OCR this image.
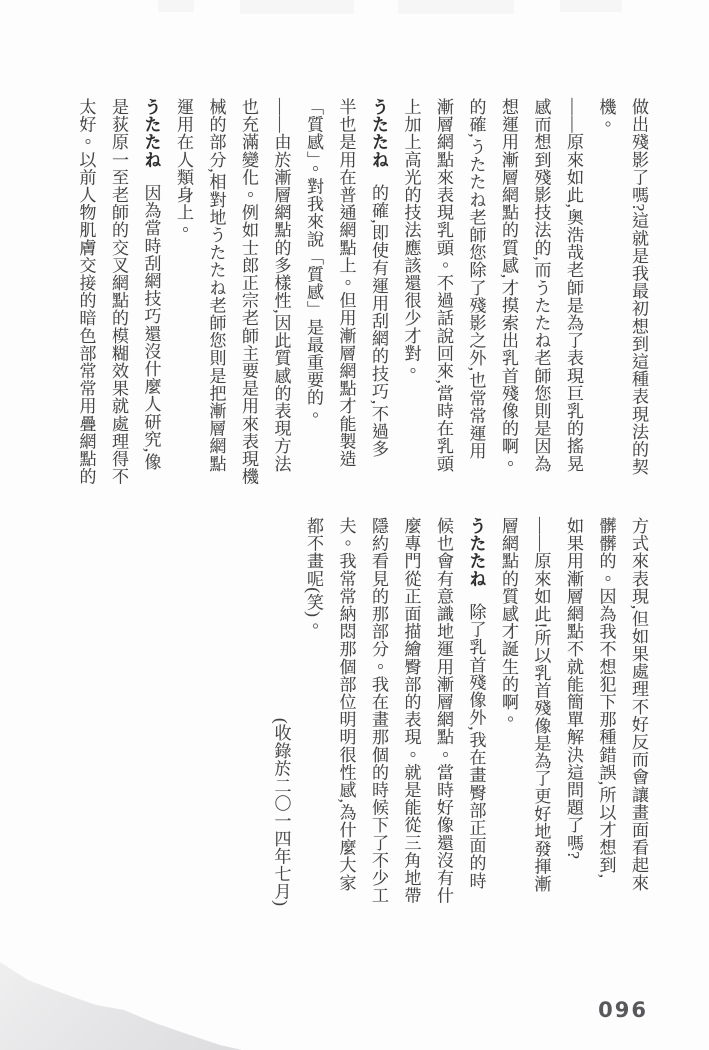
做出殘影了嗎?這就是我最初想到這種表現法的契

機。

——原來如此,奧浩哉老師是為了表現巨乳的搖晃

感而想到殘影技法的,而うたたね老師您則是因為

想運用漸層網點的質感,才摸索出乳首殘像的啊。

的確,うたたね老師您除了殘影之外,也常常運用

漸層網點來表現乳頭。不過話說回來,當時在乳頭

上加上高光的技法應該還很少才對。

うたたね的確,即使有運用刮網的技巧,不過多

半也是用在普通網點上。但用漸層網點才能製造

「質感」。對我來說「質感」是最重要的。

——由於漸層網點的多樣性,因此質感的表現方法

也充滿變化。例如士郎正宗老師主要是用來表現機

械的部分,相對地うたたね老師您則是把漸層網點

運用在人類身上。

うたたね因為當時刮網技巧還沒什麼人研究,像

是荻原一至老師的交叉網點的模糊效果就處理得不

太好。以前人物肌膚交接的暗色部常常用疊網點的

方式來表現,但如果處理不好反而會讓畫面看起來

髒髒的。因為我不想犯下那種錯誤,所以才想到,

如果用漸層網點不就能簡單解決這問題了嗎?

——原來如此!所以乳首殘像是為了更好地發揮漸

層網點的質感才誕生的啊。

うたたね除了乳首殘像外,我在畫臀部正面的時

候也會有意識地運用漸層網點。當時好像還沒有什

麼專門從正面描繪臀部的表現。就是能從三角地帶

隱約看見的那部分。我在畫那個的時候下了不少工

夫。我常常納悶那個部位明明很性感,為什麼大家

都不畫呢(笑)。

(收錄於二〇一四年七月)

096
